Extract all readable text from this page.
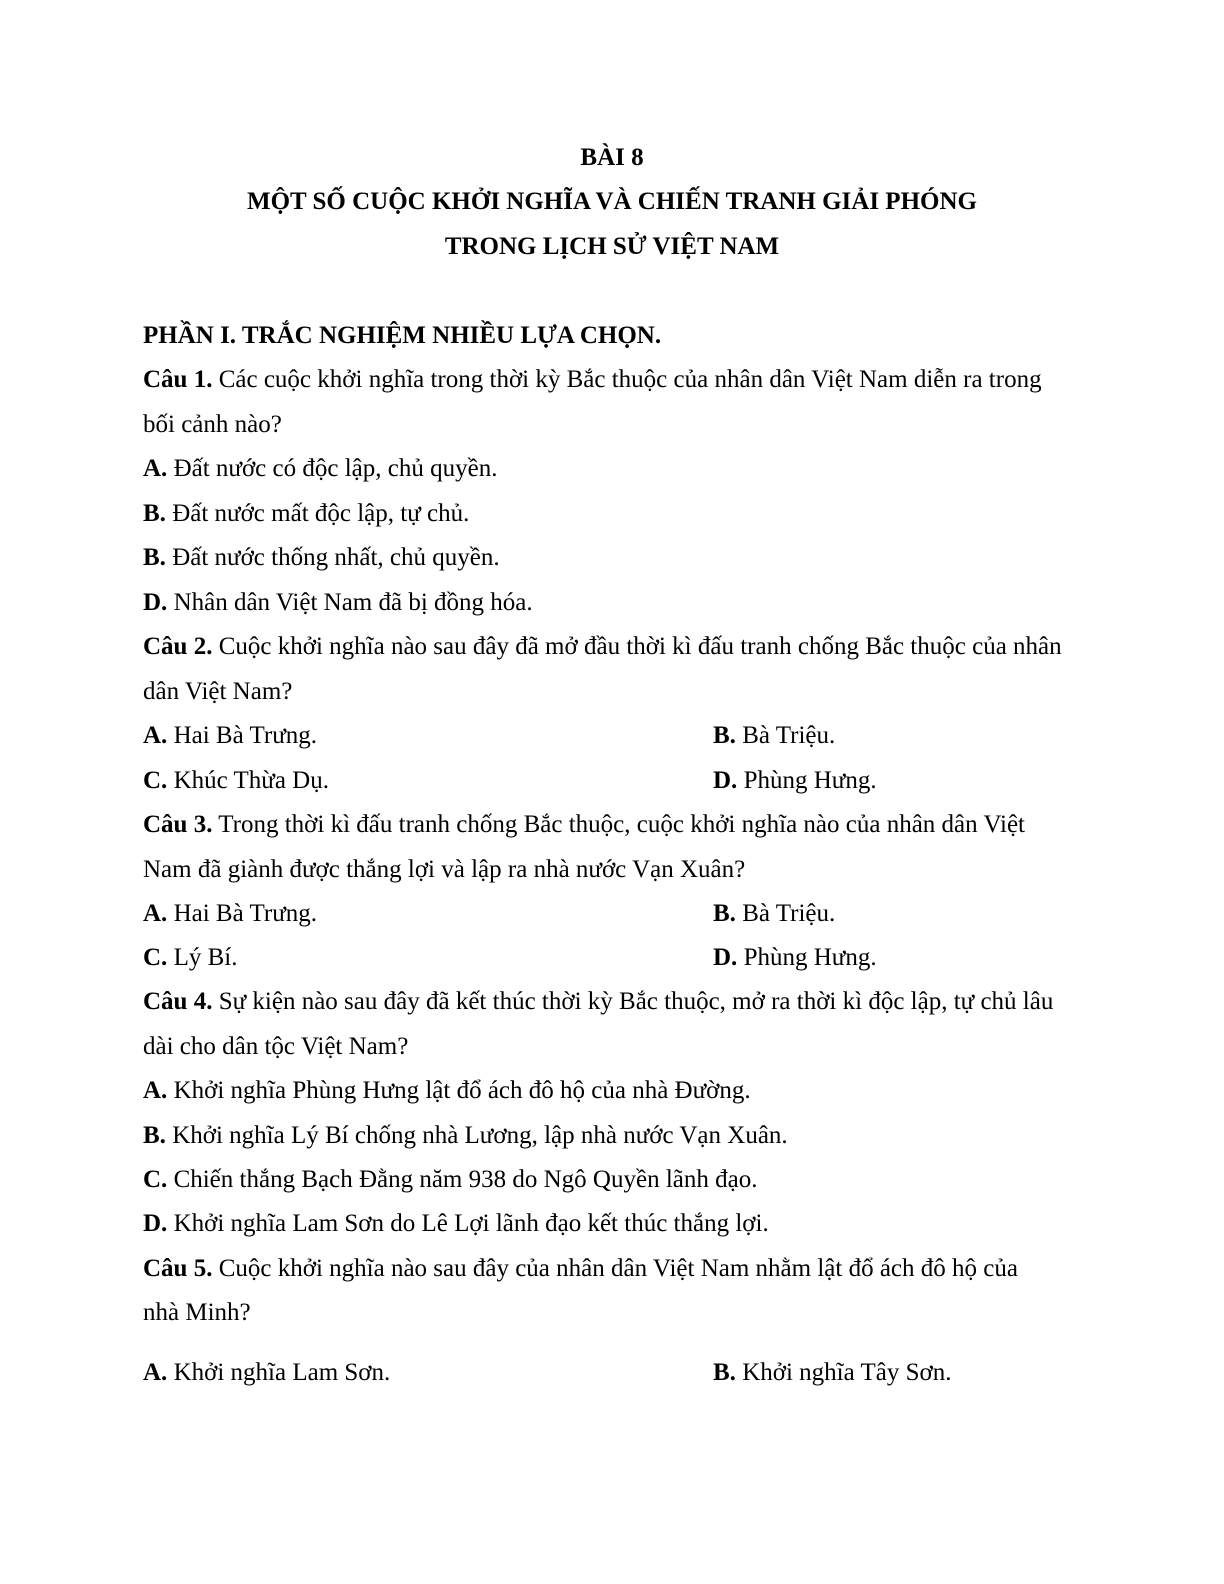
BÀI 8
MỘT SỐ CUỘC KHỞI NGHĨA VÀ CHIẾN TRANH GIẢI PHÓNG
TRONG LỊCH SỬ VIỆT NAM
PHẦN I. TRẮC NGHIỆM NHIỀU LỰA CHỌN.
Câu 1. Các cuộc khởi nghĩa trong thời kỳ Bắc thuộc của nhân dân Việt Nam diễn ra trong
bối cảnh nào?
A. Đất nước có độc lập, chủ quyền.
B. Đất nước mất độc lập, tự chủ.
B. Đất nước thống nhất, chủ quyền.
D. Nhân dân Việt Nam đã bị đồng hóa.
Câu 2. Cuộc khởi nghĩa nào sau đây đã mở đầu thời kì đấu tranh chống Bắc thuộc của nhân
dân Việt Nam?
A. Hai Bà Trưng.	B. Bà Triệu.
C. Khúc Thừa Dụ.	D. Phùng Hưng.
Câu 3. Trong thời kì đấu tranh chống Bắc thuộc, cuộc khởi nghĩa nào của nhân dân Việt
Nam đã giành được thắng lợi và lập ra nhà nước Vạn Xuân?
A. Hai Bà Trưng.	B. Bà Triệu.
C. Lý Bí.	D. Phùng Hưng.
Câu 4. Sự kiện nào sau đây đã kết thúc thời kỳ Bắc thuộc, mở ra thời kì độc lập, tự chủ lâu
dài cho dân tộc Việt Nam?
A. Khởi nghĩa Phùng Hưng lật đổ ách đô hộ của nhà Đường.
B. Khởi nghĩa Lý Bí chống nhà Lương, lập nhà nước Vạn Xuân.
C. Chiến thắng Bạch Đằng năm 938 do Ngô Quyền lãnh đạo.
D. Khởi nghĩa Lam Sơn do Lê Lợi lãnh đạo kết thúc thắng lợi.
Câu 5. Cuộc khởi nghĩa nào sau đây của nhân dân Việt Nam nhằm lật đổ ách đô hộ của
nhà Minh?
A. Khởi nghĩa Lam Sơn.	B. Khởi nghĩa Tây Sơn.
